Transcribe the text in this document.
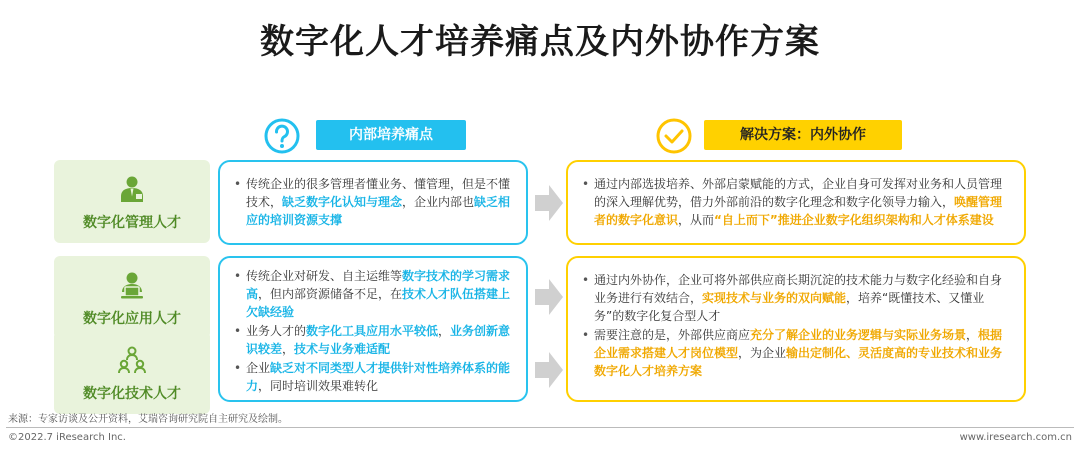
数字化人才培养痛点及内外协作方案
内部培养痛点	解决方案：内外协作
数字化管理人才
数字化应用人才
数字化技术人才
• 传统企业的很多管理者懂业务、懂管理，但是不懂技术，缺乏数字化认知与理念，企业内部也缺乏相应的培训资源支撑
• 传统企业对研发、自主运维等数字技术的学习需求高，但内部资源储备不足，在技术人才队伍搭建上欠缺经验
• 业务人才的数字化工具应用水平较低，业务创新意识较差，技术与业务难适配
• 企业缺乏对不同类型人才提供针对性培养体系的能力，同时培训效果难转化
• 通过内部选拔培养、外部启蒙赋能的方式，企业自身可发挥对业务和人员管理的深入理解优势，借力外部前沿的数字化理念和数字化领导力输入，唤醒管理者的数字化意识，从而“自上而下”推进企业数字化组织架构和人才体系建设
• 通过内外协作，企业可将外部供应商长期沉淀的技术能力与数字化经验和自身业务进行有效结合，实现技术与业务的双向赋能，培养“既懂技术、又懂业务”的数字化复合型人才
• 需要注意的是，外部供应商应充分了解企业的业务逻辑与实际业务场景，根据企业需求搭建人才岗位模型，为企业输出定制化、灵活度高的专业技术和业务数字化人才培养方案
来源：专家访谈及公开资料，艾瑞咨询研究院自主研究及绘制。
©2022.7 iResearch Inc.	www.iresearch.com.cn
